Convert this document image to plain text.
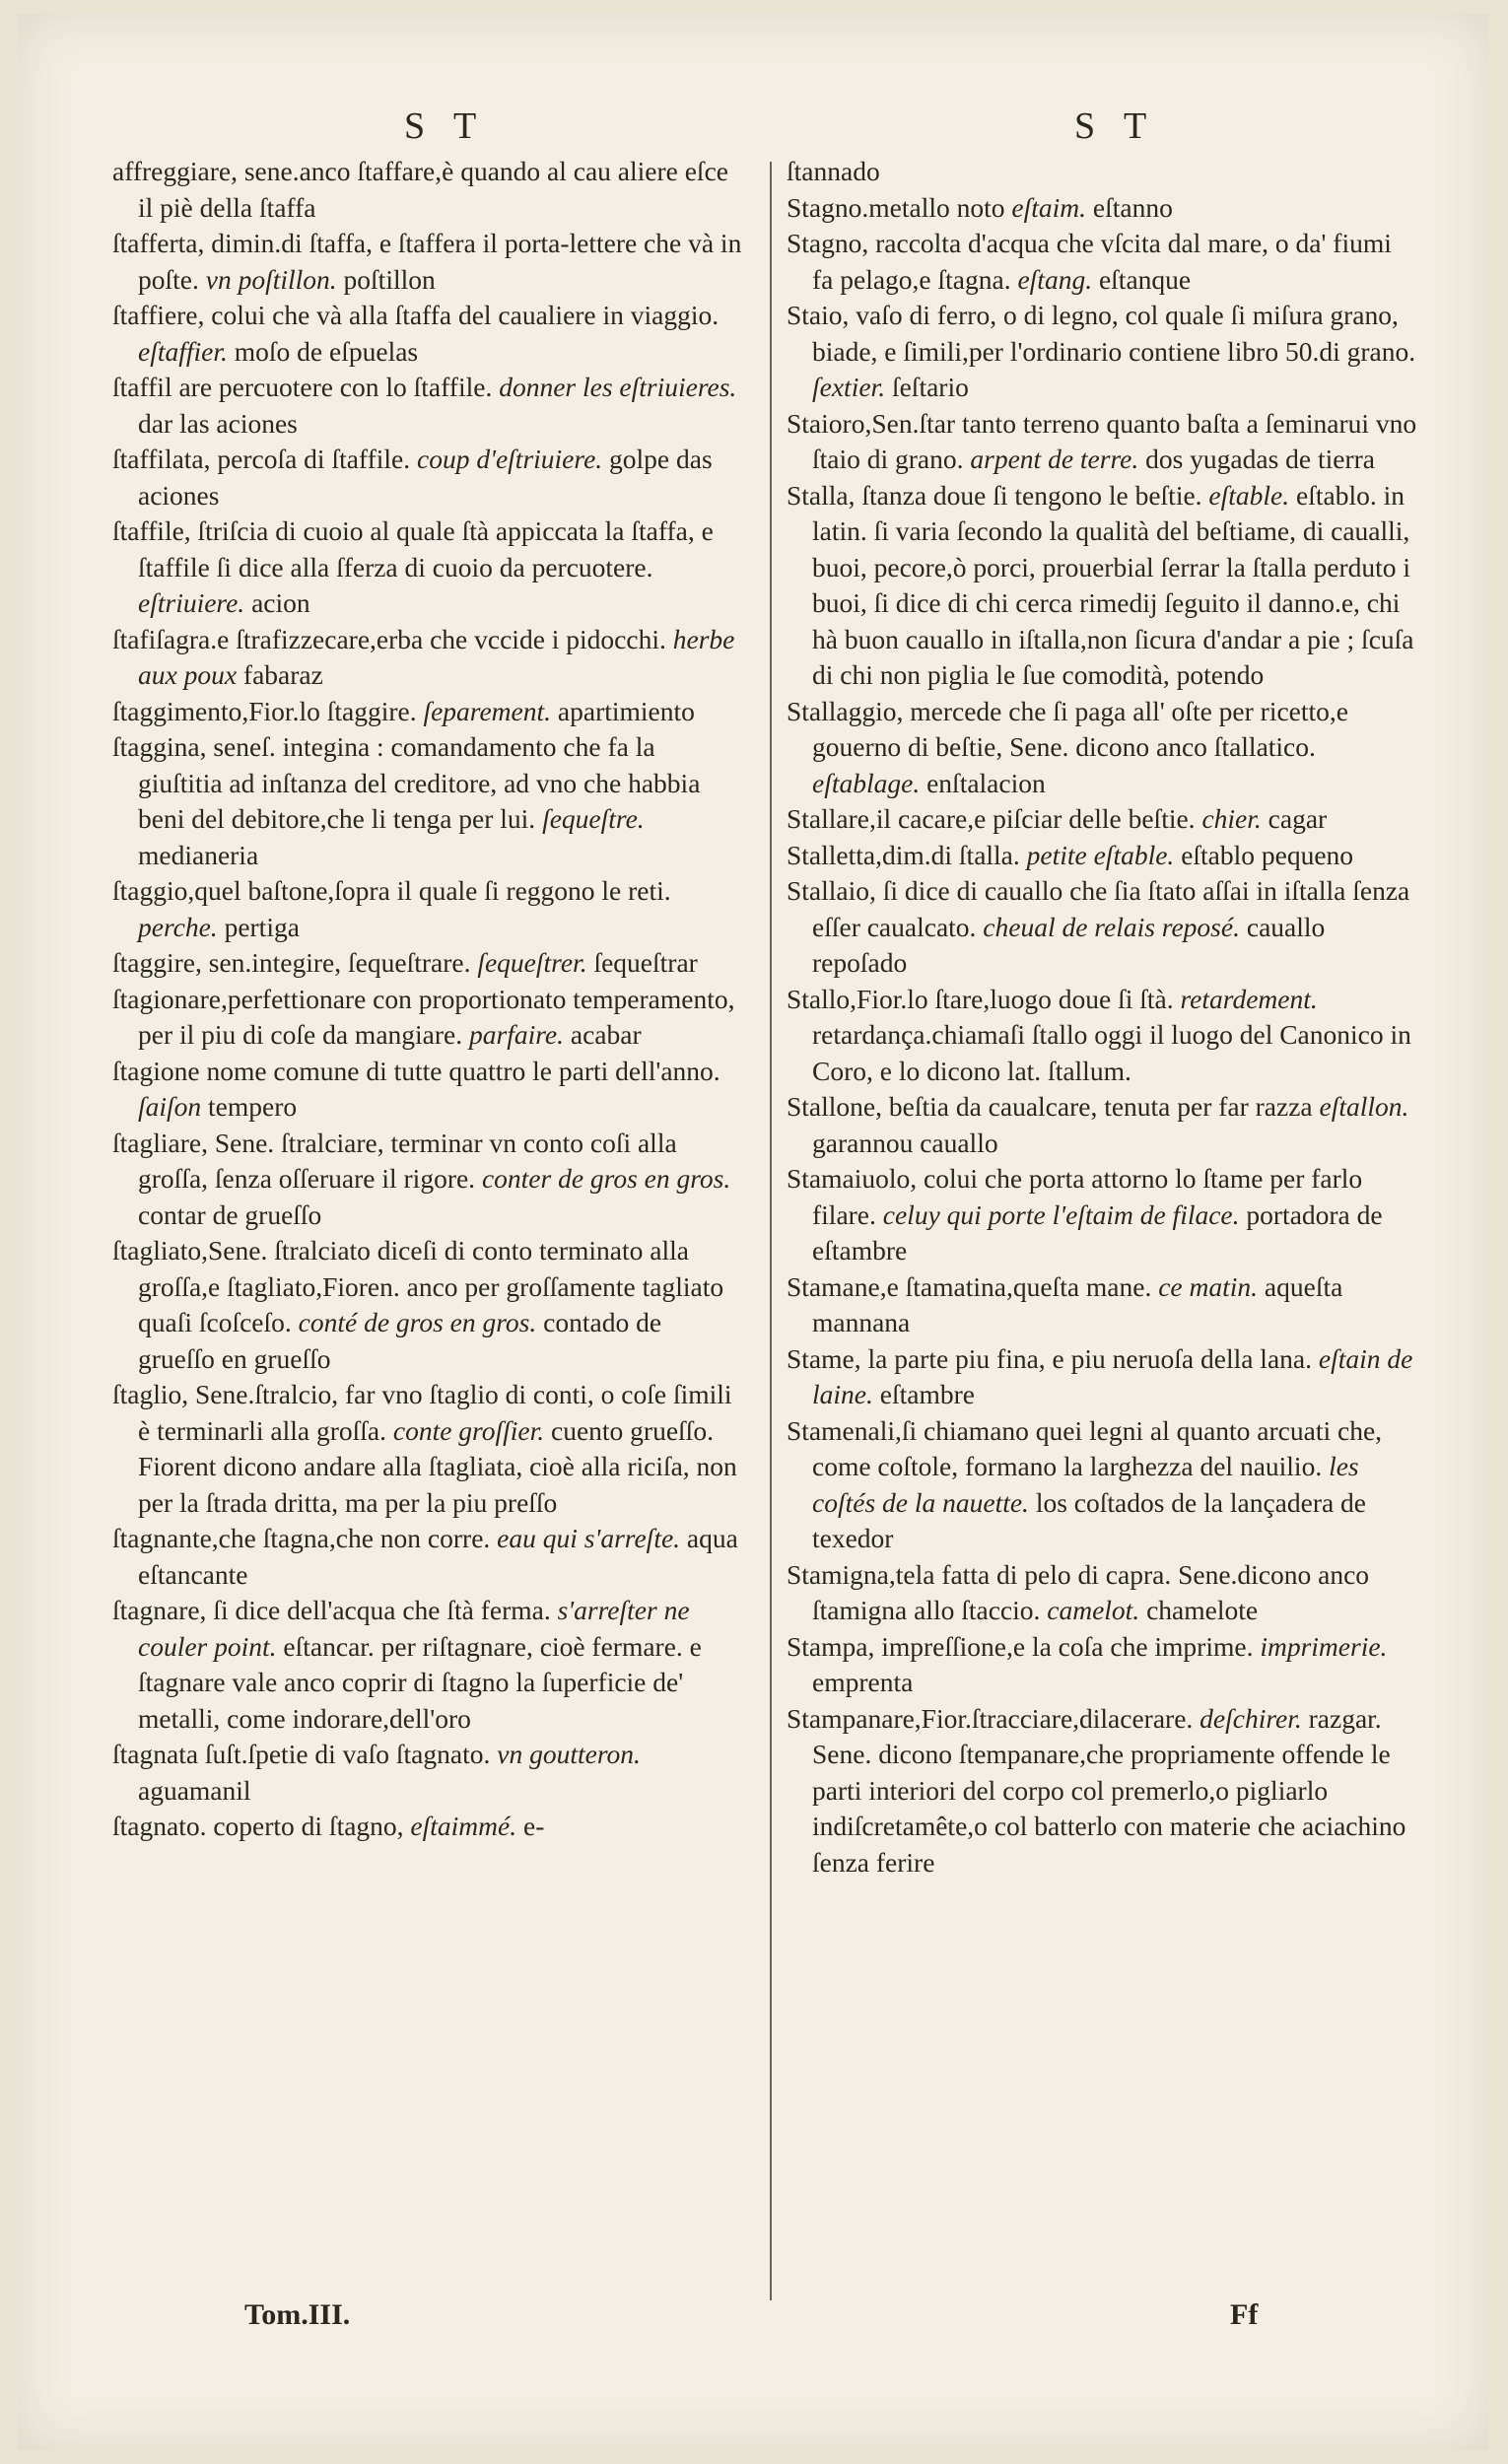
S T	S T

affreggiare, sene.anco ſtaffare,è quando al cau aliere eſce il piè della ſtaffa

ſtafferta, dimin.di ſtaffa, e ſtaffera il porta-lettere che và in poſte. vn poſtillon. poſtillon

ſtaffiere, colui che và alla ſtaffa del caualiere in viaggio. eſtaffier. moſo de eſpuelas

ſtaffil are percuotere con lo ſtaffile. donner les eſtriuieres. dar las aciones

ſtaffilata, percoſa di ſtaffile. coup d'eſtriuiere. golpe das aciones

ſtaffile, ſtriſcia di cuoio al quale ſtà appiccata la ſtaffa, e ſtaffile ſi dice alla ſferza di cuoio da percuotere. eſtriuiere. acion

ſtafiſagra.e ſtrafizzecare,erba che vccide i pidocchi. herbe aux poux fabaraz

ſtaggimento,Fior.lo ſtaggire. ſeparement. apartimiento

ſtaggina, seneſ. integina : comandamento che fa la giuſtitia ad inſtanza del creditore, ad vno che habbia beni del debitore,che li tenga per lui. ſequeſtre. medianeria

ſtaggio,quel baſtone,ſopra il quale ſi reggono le reti. perche. pertiga

ſtaggire, sen.integire, ſequeſtrare. ſequeſtrer. ſequeſtrar

ſtagionare,perfettionare con proportionato temperamento, per il piu di coſe da mangiare. parfaire. acabar

ſtagione nome comune di tutte quattro le parti dell'anno. ſaiſon tempero

ſtagliare, Sene. ſtralciare, terminar vn conto coſi alla groſſa, ſenza oſſeruare il rigore. conter de gros en gros. contar de grueſſo

ſtagliato,Sene. ſtralciato diceſi di conto terminato alla groſſa,e ſtagliato,Fioren. anco per groſſamente tagliato quaſi ſcoſceſo. conté de gros en gros. contado de grueſſo en grueſſo

ſtaglio, Sene.ſtralcio, far vno ſtaglio di conti, o coſe ſimili è terminarli alla groſſa. conte groſſier. cuento grueſſo. Fiorent dicono andare alla ſtagliata, cioè alla riciſa, non per la ſtrada dritta, ma per la piu preſſo

ſtagnante,che ſtagna,che non corre. eau qui s'arreſte. aqua eſtancante

ſtagnare, ſi dice dell'acqua che ſtà ferma. s'arreſter ne couler point. eſtancar. per riſtagnare, cioè fermare. e ſtagnare vale anco coprir di ſtagno la ſuperficie de' metalli, come indorare,dell'oro

ſtagnata ſuſt.ſpetie di vaſo ſtagnato. vn goutteron. aguamanil

ſtagnato. coperto di ſtagno, eſtaimmé. e-

ſtannado

Stagno.metallo noto eſtaim. eſtanno

Stagno, raccolta d'acqua che vſcita dal mare, o da' fiumi fa pelago,e ſtagna. eſtang. eſtanque

Staio, vaſo di ferro, o di legno, col quale ſi miſura grano, biade, e ſimili,per l'ordinario contiene libro 50.di grano. ſextier. ſeſtario

Staioro,Sen.ſtar tanto terreno quanto baſta a ſeminarui vno ſtaio di grano. arpent de terre. dos yugadas de tierra

Stalla, ſtanza doue ſi tengono le beſtie. eſtable. eſtablo. in latin. ſi varia ſecondo la qualità del beſtiame, di caualli, buoi, pecore,ò porci, prouerbial ſerrar la ſtalla perduto i buoi, ſi dice di chi cerca rimedij ſeguito il danno.e, chi hà buon cauallo in iſtalla,non ſicura d'andar a pie ; ſcuſa di chi non piglia le ſue comodità, potendo

Stallaggio, mercede che ſi paga all' oſte per ricetto,e gouerno di beſtie, Sene. dicono anco ſtallatico. eſtablage. enſtalacion

Stallare,il cacare,e piſciar delle beſtie. chier. cagar

Stalletta,dim.di ſtalla. petite eſtable. eſtablo pequeno

Stallaio, ſi dice di cauallo che ſia ſtato aſſai in iſtalla ſenza eſſer caualcato. cheual de relais reposé. cauallo repoſado

Stallo,Fior.lo ſtare,luogo doue ſi ſtà. retardement. retardança.chiamaſi ſtallo oggi il luogo del Canonico in Coro, e lo dicono lat. ſtallum.

Stallone, beſtia da caualcare, tenuta per far razza eſtallon. garannou cauallo

Stamaiuolo, colui che porta attorno lo ſtame per farlo filare. celuy qui porte l'eſtaim de filace. portadora de eſtambre

Stamane,e ſtamatina,queſta mane. ce matin. aqueſta mannana

Stame, la parte piu fina, e piu neruoſa della lana. eſtain de laine. eſtambre

Stamenali,ſi chiamano quei legni al quanto arcuati che, come coſtole, formano la larghezza del nauilio. les coſtés de la nauette. los coſtados de la lançadera de texedor

Stamigna,tela fatta di pelo di capra. Sene.dicono anco ſtamigna allo ſtaccio. camelot. chamelote

Stampa, impreſſione,e la coſa che imprime. imprimerie. emprenta

Stampanare,Fior.ſtracciare,dilacerare. deſchirer. razgar. Sene. dicono ſtempanare,che propriamente offende le parti interiori del corpo col premerlo,o pigliarlo indiſcretamête,o col batterlo con materie che aciachino ſenza ferire

Tom.III.	Ff
